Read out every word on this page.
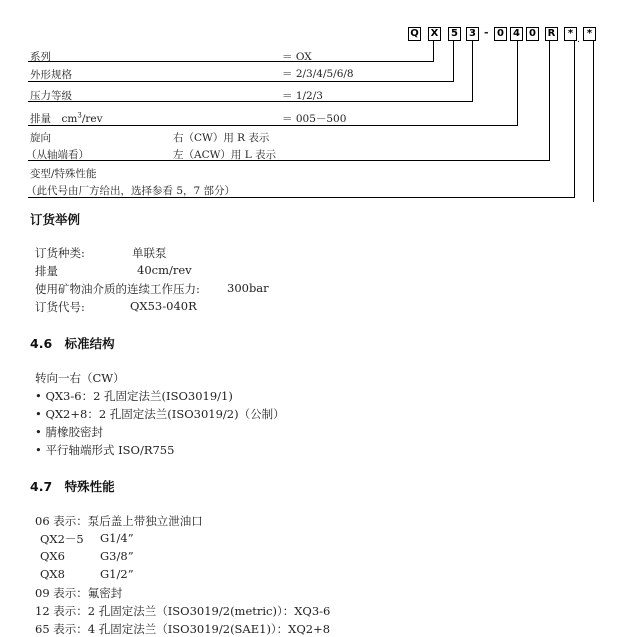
Q X	5	3 - 0 4 0	R	*
.
*
系列	＝ OX
外形规格	＝ 2/3/4/5/6/8
压力等级	＝ 1/2/3
排量　 $cm^3$/rev	＝ 005－500
旋向	右（CW）用 R 表示
（从轴端看）	左（ACW）用 L 表示
变型/特殊性能
（此代号由厂方给出，选择参看 5，7 部分）
订货举例
订货种类:	单联泵
排量	40cm/rev
使用矿物油介质的连续工作压力: 300bar
订货代号:	QX53-040R
4.6　标准结构
转向一右（CW）
• QX3-6：2 孔固定法兰(ISO3019/1)
• QX2+8：2 孔固定法兰(ISO3019/2)（公制）
• 腈橡胶密封
• 平行轴端形式 ISO/R755
4.7　特殊性能
06 表示：泵后盖上带独立泄油口
QX2－5 G1/4”
QX6	G3/8”
QX8	G1/2”
09 表示：氟密封
12 表示：2 孔固定法兰（ISO3019/2(metric)）：XQ3-6
65 表示：4 孔固定法兰（ISO3019/2(SAE1)）：XQ2+8
